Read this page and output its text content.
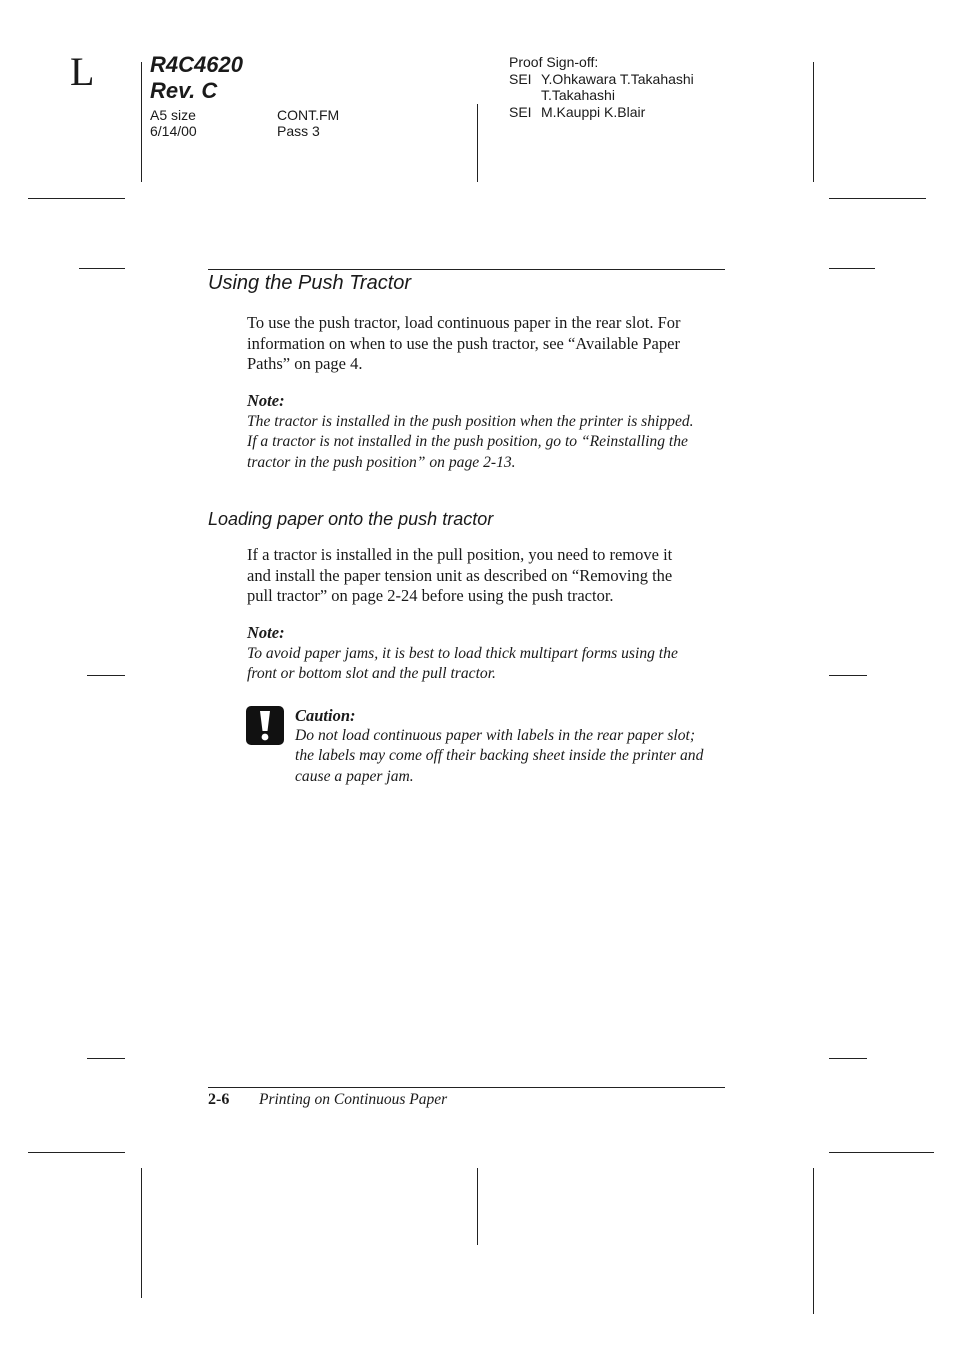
L	R4C4620
Rev. C
A5 size
6/14/00
CONT.FM
Pass 3
Proof Sign-off:
SEI Y.Ohkawara T.Takahashi
T.Takahashi
SEI M.Kauppi K.Blair
Using the Push Tractor

To use the push tractor, load continuous paper in the rear slot. For

information on when to use the push tractor, see “Available Paper

Paths” on page 4.

Note:

The tractor is installed in the push position when the printer is shipped.

If a tractor is not installed in the push position, go to “Reinstalling the

tractor in the push position” on page 2-13.

Loading paper onto the push tractor

If a tractor is installed in the pull position, you need to remove it

and install the paper tension unit as described on “Removing the

pull tractor” on page 2-24 before using the push tractor.

Note:

To avoid paper jams, it is best to load thick multipart forms using the

front or bottom slot and the pull tractor.

Caution:

Do not load continuous paper with labels in the rear paper slot;

the labels may come off their backing sheet inside the printer and

cause a paper jam.

2-6 Printing on Continuous Paper
